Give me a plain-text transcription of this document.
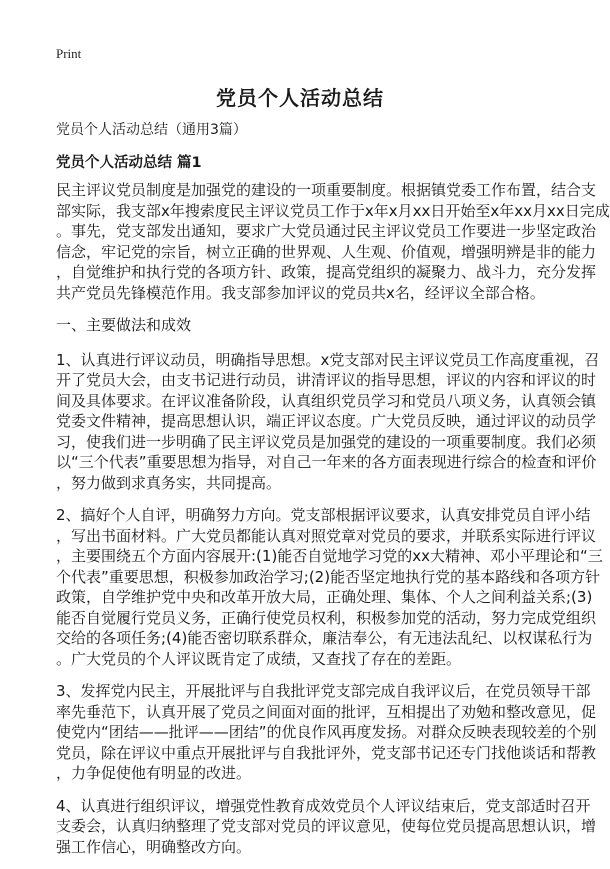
Print
党员个人活动总结
党员个人活动总结（通用3篇）
党员个人活动总结 篇1
民主评议党员制度是加强党的建设的一项重要制度。根据镇党委工作布置，结合支
部实际，我支部x年搜索度民主评议党员工作于x年x月xx日开始至x年xx月xx日完成
。事先，党支部发出通知，要求广大党员通过民主评议党员工作要进一步坚定政治
信念，牢记党的宗旨，树立正确的世界观、人生观、价值观，增强明辨是非的能力
，自觉维护和执行党的各项方针、政策，提高党组织的凝聚力、战斗力，充分发挥
共产党员先锋模范作用。我支部参加评议的党员共x名，经评议全部合格。
一、主要做法和成效
1、认真进行评议动员，明确指导思想。x党支部对民主评议党员工作高度重视，召
开了党员大会，由支书记进行动员，讲清评议的指导思想，评议的内容和评议的时
间及具体要求。在评议准备阶段，认真组织党员学习和党员八项义务，认真领会镇
党委文件精神，提高思想认识，端正评议态度。广大党员反映，通过评议的动员学
习，使我们进一步明确了民主评议党员是加强党的建设的一项重要制度。我们必须
以“三个代表”重要思想为指导，对自己一年来的各方面表现进行综合的检查和评价
，努力做到求真务实，共同提高。
2、搞好个人自评，明确努力方向。党支部根据评议要求，认真安排党员自评小结
，写出书面材料。广大党员都能认真对照党章对党员的要求，并联系实际进行评议
，主要围绕五个方面内容展开:(1)能否自觉地学习党的xx大精神、邓小平理论和“三
个代表”重要思想，积极参加政治学习;(2)能否坚定地执行党的基本路线和各项方针
政策，自学维护党中央和改革开放大局，正确处理、集体、个人之间利益关系;(3)
能否自觉履行党员义务，正确行使党员权利，积极参加党的活动，努力完成党组织
交给的各项任务;(4)能否密切联系群众，廉洁奉公，有无违法乱纪、以权谋私行为
。广大党员的个人评议既肯定了成绩，又查找了存在的差距。
3、发挥党内民主，开展批评与自我批评党支部完成自我评议后，在党员领导干部
率先垂范下，认真开展了党员之间面对面的批评，互相提出了劝勉和整改意见，促
使党内“团结——批评——团结”的优良作风再度发扬。对群众反映表现较差的个别
党员，除在评议中重点开展批评与自我批评外，党支部书记还专门找他谈话和帮教
，力争促使他有明显的改进。
4、认真进行组织评议，增强党性教育成效党员个人评议结束后，党支部适时召开
支委会，认真归纳整理了党支部对党员的评议意见，使每位党员提高思想认识，增
强工作信心，明确整改方向。
